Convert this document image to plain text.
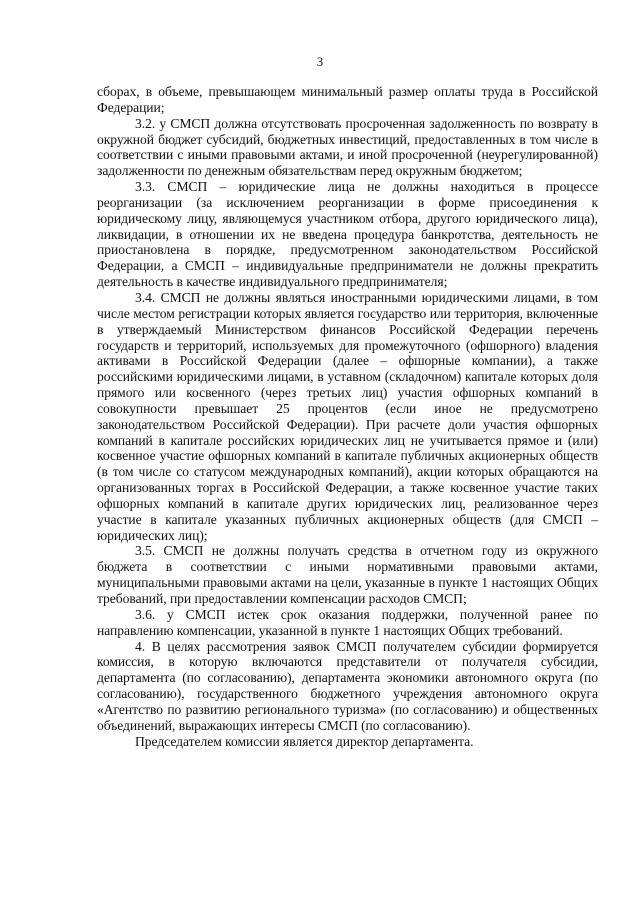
3

сборах, в объеме, превышающем минимальный размер оплаты труда в Российской Федерации;

3.2. у СМСП должна отсутствовать просроченная задолженность по возврату в окружной бюджет субсидий, бюджетных инвестиций, предоставленных в том числе в соответствии с иными правовыми актами, и иной просроченной (неурегулированной) задолженности по денежным обязательствам перед окружным бюджетом;

3.3. СМСП – юридические лица не должны находиться в процессе реорганизации (за исключением реорганизации в форме присоединения к юридическому лицу, являющемуся участником отбора, другого юридического лица), ликвидации, в отношении их не введена процедура банкротства, деятельность не приостановлена в порядке, предусмотренном законодательством Российской Федерации, а СМСП – индивидуальные предприниматели не должны прекратить деятельность в качестве индивидуального предпринимателя;

3.4. СМСП не должны являться иностранными юридическими лицами, в том числе местом регистрации которых является государство или территория, включенные в утверждаемый Министерством финансов Российской Федерации перечень государств и территорий, используемых для промежуточного (офшорного) владения активами в Российской Федерации (далее – офшорные компании), а также российскими юридическими лицами, в уставном (складочном) капитале которых доля прямого или косвенного (через третьих лиц) участия офшорных компаний в совокупности превышает 25 процентов (если иное не предусмотрено законодательством Российской Федерации). При расчете доли участия офшорных компаний в капитале российских юридических лиц не учитывается прямое и (или) косвенное участие офшорных компаний в капитале публичных акционерных обществ (в том числе со статусом международных компаний), акции которых обращаются на организованных торгах в Российской Федерации, а также косвенное участие таких офшорных компаний в капитале других юридических лиц, реализованное через участие в капитале указанных публичных акционерных обществ (для СМСП – юридических лиц);

3.5. СМСП не должны получать средства в отчетном году из окружного бюджета в соответствии с иными нормативными правовыми актами, муниципальными правовыми актами на цели, указанные в пункте 1 настоящих Общих требований, при предоставлении компенсации расходов СМСП;

3.6. у СМСП истек срок оказания поддержки, полученной ранее по направлению компенсации, указанной в пункте 1 настоящих Общих требований.

4. В целях рассмотрения заявок СМСП получателем субсидии формируется комиссия, в которую включаются представители от получателя субсидии, департамента (по согласованию), департамента экономики автономного округа (по согласованию), государственного бюджетного учреждения автономного округа «Агентство по развитию регионального туризма» (по согласованию) и общественных объединений, выражающих интересы СМСП (по согласованию).

Председателем комиссии является директор департамента.
